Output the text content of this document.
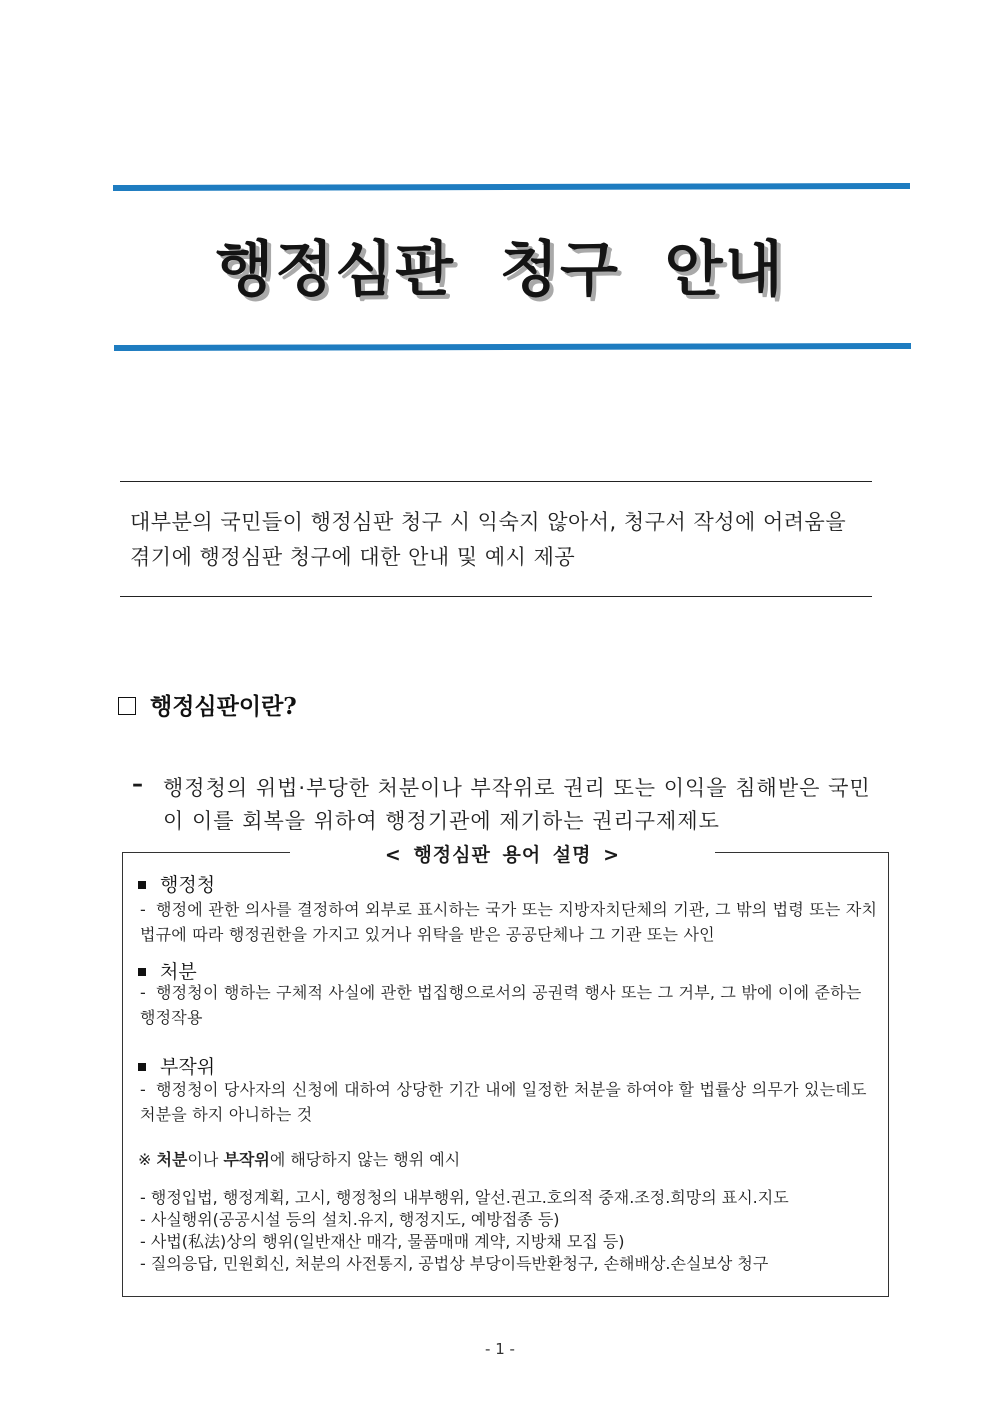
행정심판 청구 안내
대부분의 국민들이 행정심판 청구 시 익숙지 않아서, 청구서 작성에 어려움을 겪기에 행정심판 청구에 대한 안내 및 예시 제공
행정심판이란?
– 행정청의 위법·부당한 처분이나 부작위로 권리 또는 이익을 침해받은 국민이 이를 회복을 위하여 행정기관에 제기하는 권리구제제도
< 행정심판 용어 설명 >
행정청
- 행정에 관한 의사를 결정하여 외부로 표시하는 국가 또는 지방자치단체의 기관, 그 밖의 법령 또는 자치법규에 따라 행정권한을 가지고 있거나 위탁을 받은 공공단체나 그 기관 또는 사인
처분
- 행정청이 행하는 구체적 사실에 관한 법집행으로서의 공권력 행사 또는 그 거부, 그 밖에 이에 준하는 행정작용
부작위
- 행정청이 당사자의 신청에 대하여 상당한 기간 내에 일정한 처분을 하여야 할 법률상 의무가 있는데도 처분을 하지 아니하는 것
※ 처분이나 부작위에 해당하지 않는 행위 예시
- 행정입법, 행정계획, 고시, 행정청의 내부행위, 알선.권고.호의적 중재.조정.희망의 표시.지도
- 사실행위(공공시설 등의 설치.유지, 행정지도, 예방접종 등)
- 사법(私法)상의 행위(일반재산 매각, 물품매매 계약, 지방채 모집 등)
- 질의응답, 민원회신, 처분의 사전통지, 공법상 부당이득반환청구, 손해배상.손실보상 청구
- 1 -
